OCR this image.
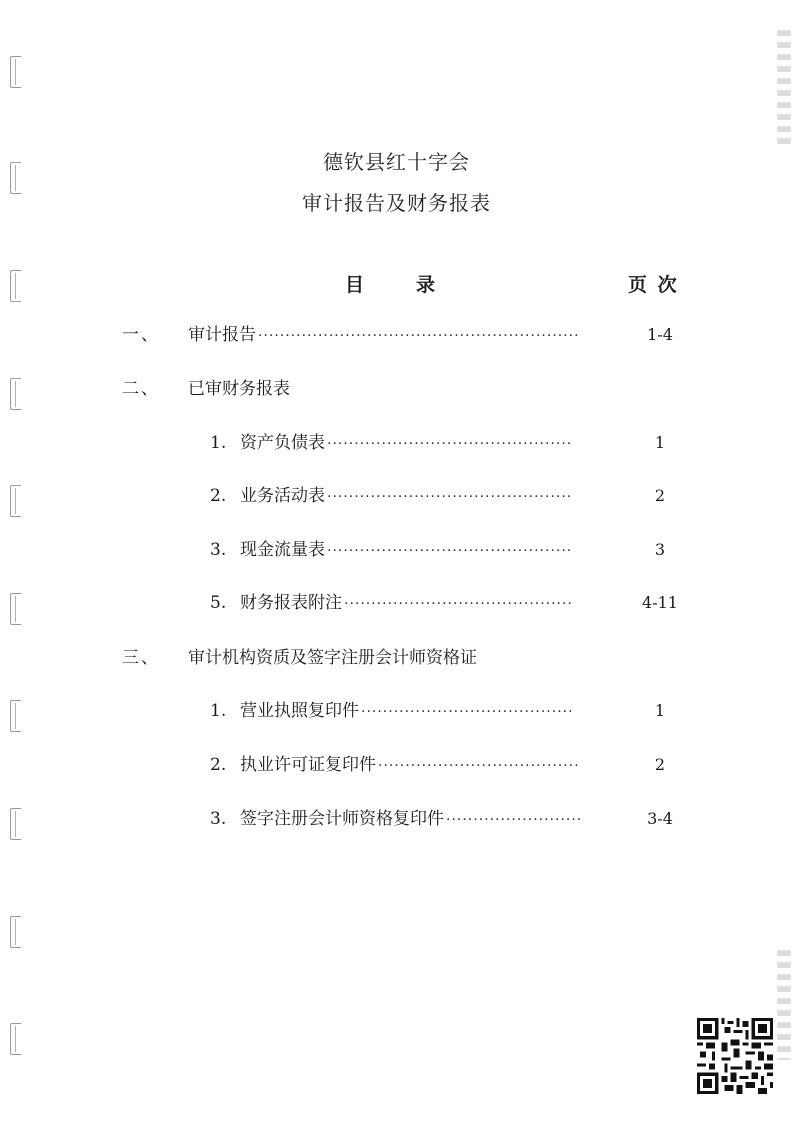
德钦县红十字会
审计报告及财务报表
目	录	页 次
一、 审计报告 ·····	1-4
二、 已审财务报表
1. 资产负债表 ·····	1
2. 业务活动表 ·····	2
3. 现金流量表 ·····	3
5. 财务报表附注 ·····	4-11
三、 审计机构资质及签字注册会计师资格证
1. 营业执照复印件 ·····	1
2. 执业许可证复印件 ·····	2
3. 签字注册会计师资格复印件 ·····	3-4
